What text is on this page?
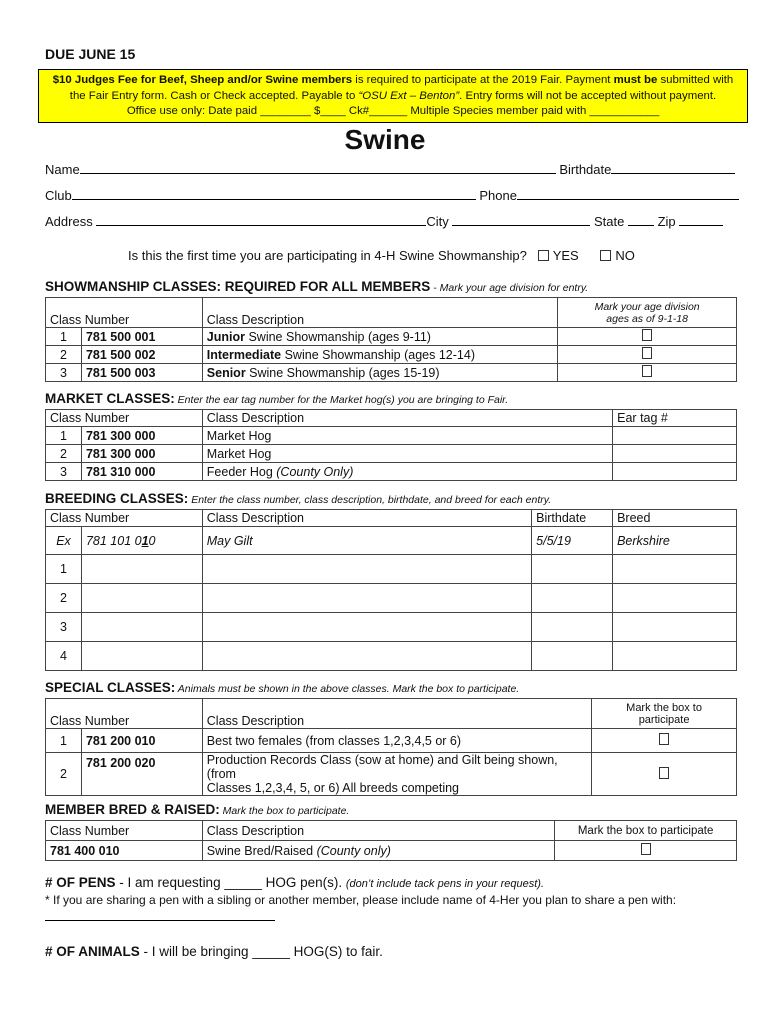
DUE JUNE 15
$10 Judges Fee for Beef, Sheep and/or Swine members is required to participate at the 2019 Fair. Payment must be submitted with
the Fair Entry form. Cash or Check accepted. Payable to “OSU Ext – Benton”. Entry forms will not be accepted without payment.
Office use only: Date paid ________ $____ Ck#______ Multiple Species member paid with ___________
Swine
Name	Birthdate
Club	Phone
Address	City	State	Zip
Is this the first time you are participating in 4-H Swine Showmanship? YES	NO
SHOWMANSHIP CLASSES: REQUIRED FOR ALL MEMBERS - Mark your age division for entry.
Class Number		Class Description	Mark your age division
ages as of 9-1-18

1	781 500 001	Junior Swine Showmanship (ages 9-11)	
2	781 500 002	Intermediate Swine Showmanship (ages 12-14)	
3	781 500 003	Senior Swine Showmanship (ages 15-19)	
MARKET CLASSES: Enter the ear tag number for the Market hog(s) you are bringing to Fair.
Class Number		Class Description	Ear tag #
1	781 300 000	Market Hog	
2	781 300 000	Market Hog	
3	781 310 000	Feeder Hog (County Only)	
BREEDING CLASSES: Enter the class number, class description, birthdate, and breed for each entry.
Class Number		Class Description	Birthdate	Breed
Ex	781 101 010	May Gilt	5/5/19	Berkshire
1				
2				
3				
4				
SPECIAL CLASSES: Animals must be shown in the above classes. Mark the box to participate.
Class Number		Class Description	Mark the box to
participate

1	781 200 010	Best two females (from classes 1,2,3,4,5 or 6)	
2	781 200 020	Production Records Class (sow at home) and Gilt being shown, (from
Classes 1,2,3,4, 5, or 6) All breeds competing	

MEMBER BRED & RAISED: Mark the box to participate.
Class Number	Class Description	Mark the box to participate
781 400 010	Swine Bred/Raised (County only)	
# OF PENS - I am requesting _____ HOG pen(s). (don’t include tack pens in your request).
* If you are sharing a pen with a sibling or another member, please include name of 4-Her you plan to share a pen with:
# OF ANIMALS - I will be bringing _____ HOG(S) to fair.
